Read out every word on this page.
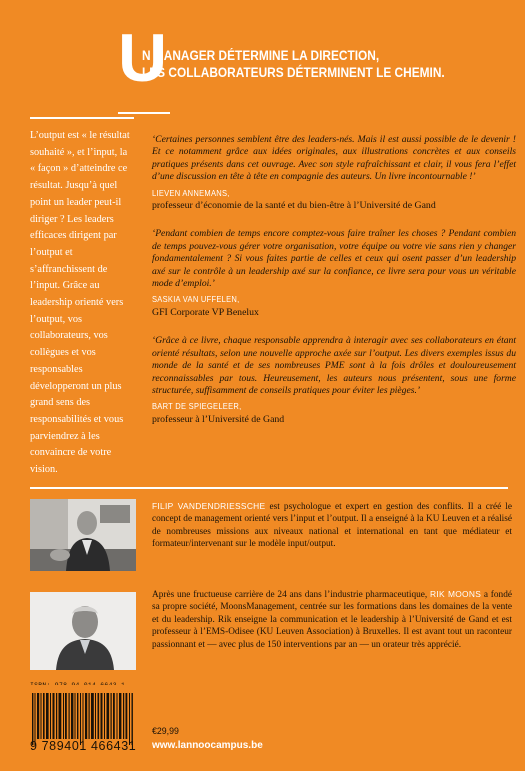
U
N MANAGER DÉTERMINE LA DIRECTION,
LES COLLABORATEURS DÉTERMINENT LE CHEMIN.
L’output est « le résultat souhaité », et l’input, la « façon » d’atteindre ce résultat. Jusqu’à quel point un leader peut-il diriger ? Les leaders efficaces dirigent par l’output et s’affranchissent de l’input. Grâce au leadership orienté vers l’output, vos collaborateurs, vos collègues et vos responsables développeront un plus grand sens des responsabilités et vous parviendrez à les convaincre de votre vision.

‘Certaines personnes semblent être des leaders-nés. Mais il est aussi possible de le devenir ! Et ce notamment grâce aux idées originales, aux illustrations concrètes et aux conseils pratiques présents dans cet ouvrage. Avec son style rafraîchissant et clair, il vous fera l’effet d’une discussion en tête à tête en compagnie des auteurs. Un livre incontournable !’

LIEVEN ANNEMANS,

professeur d’économie de la santé et du bien-être à l’Université de Gand

‘Pendant combien de temps encore comptez-vous faire traîner les choses ? Pendant combien de temps pouvez-vous gérer votre organisation, votre équipe ou votre vie sans rien y changer fondamentalement ? Si vous faites partie de celles et ceux qui osent passer d’un leadership axé sur le contrôle à un leadership axé sur la confiance, ce livre sera pour vous un véritable mode d’emploi.’

SASKIA VAN UFFELEN,

GFI Corporate VP Benelux

‘Grâce à ce livre, chaque responsable apprendra à interagir avec ses collaborateurs en étant orienté résultats, selon une nouvelle approche axée sur l’output. Les divers exemples issus du monde de la santé et de ses nombreuses PME sont à la fois drôles et douloureusement reconnaissables par tous. Heureusement, les auteurs nous présentent, sous une forme structurée, suffisamment de conseils pratiques pour éviter les pièges.’

BART DE SPIEGELEER,

professeur à l’Université de Gand

FILIP VANDENDRIESSCHE est psychologue et expert en gestion des conflits. Il a créé le concept de management orienté vers l’input et l’output. Il a enseigné à la KU Leuven et a réalisé de nombreuses missions aux niveaux national et international en tant que médiateur et formateur/intervenant sur le modèle input/output.
Après une fructueuse carrière de 24 ans dans l’industrie pharmaceutique, RIK MOONS a fondé sa propre société, MoonsManagement, centrée sur les formations dans les domaines de la vente et du leadership. Rik enseigne la communication et le leadership à l’Université de Gand et est professeur à l’EMS-Odisee (KU Leuven Association) à Bruxelles. Il est avant tout un raconteur passionnant et — avec plus de 150 interventions par an — un orateur très apprécié.
9 789401 466431
€29,99
www.lannoocampus.be
